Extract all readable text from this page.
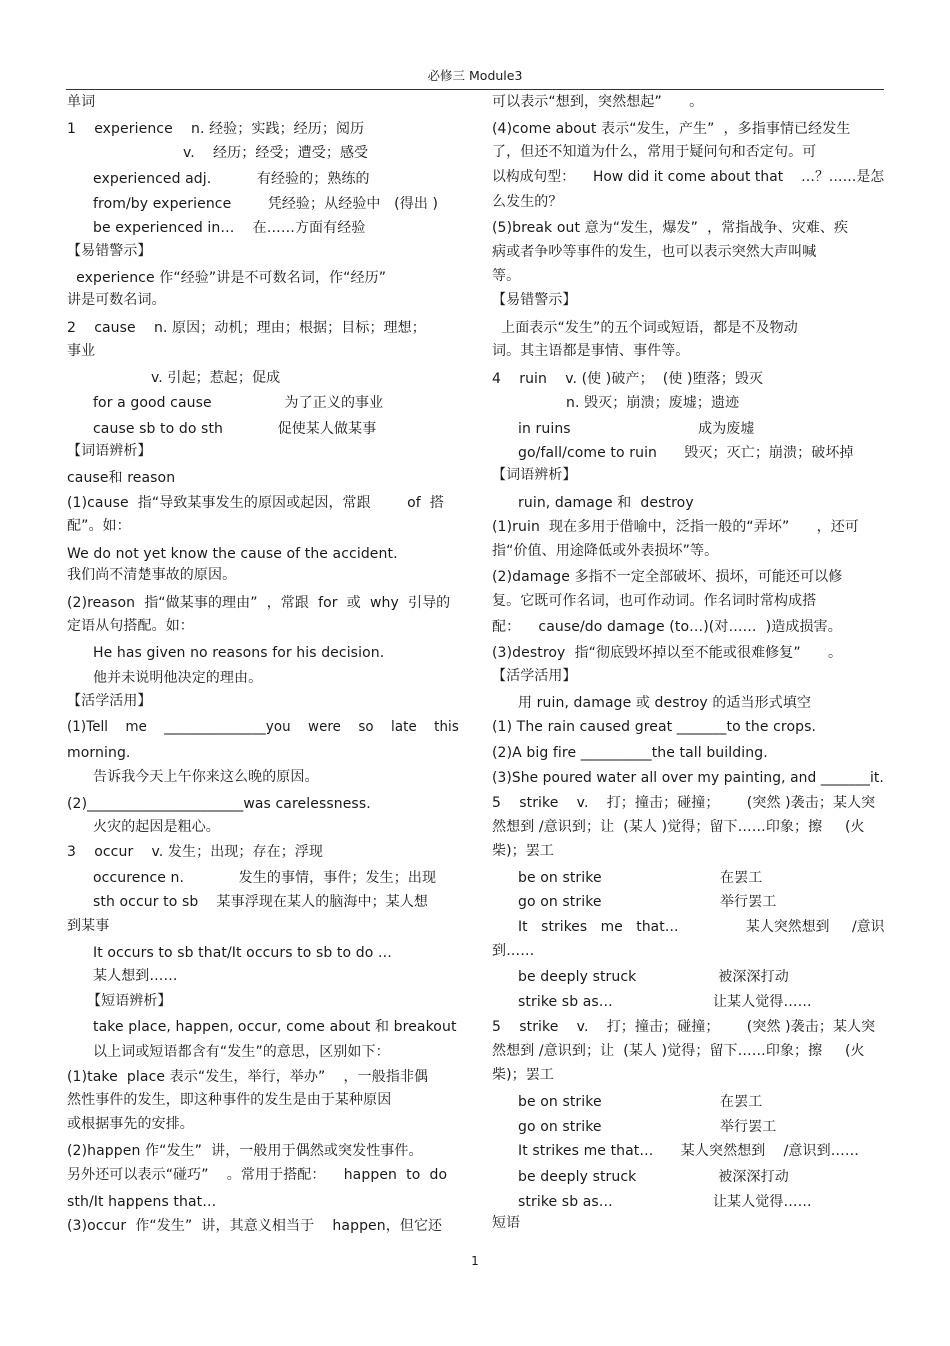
必修三 Module3
单词
1    experience    n. 经验；实践；经历；阅历
v.    经历；经受；遭受；感受
experienced adj.          有经验的；熟练的
from/by experience        凭经验；从经验中   (得出 )
be experienced in…    在……方面有经验
【易错警示】
experience 作“经验”讲是不可数名词，作“经历”
讲是可数名词。
2    cause    n. 原因；动机；理由；根据；目标；理想；
事业
v. 引起；惹起；促成
for a good cause                为了正义的事业
cause sb to do sth            促使某人做某事
【词语辨析】
cause和 reason
(1)cause  指“导致某事发生的原因或起因，常跟        of  搭
配”。如：
We do not yet know the cause of the accident.
我们尚不清楚事故的原因。
(2)reason  指“做某事的理由”  ，常跟  for  或  why  引导的
定语从句搭配。如：
He has given no reasons for his decision.
他并未说明他决定的理由。
【活学活用】
(1)Tell    me    _______________you    were    so    late    this
morning.
告诉我今天上午你来这么晚的原因。
(2)______________________was carelessness.
火灾的起因是粗心。
3    occur    v. 发生；出现；存在；浮现
occurence n.            发生的事情，事件；发生；出现
sth occur to sb    某事浮现在某人的脑海中；某人想
到某事
It occurs to sb that/It occurs to sb to do …
某人想到……
【短语辨析】
take place, happen, occur, come about 和 breakout
以上词或短语都含有“发生”的意思，区别如下：
(1)take  place 表示“发生，举行，举办”    ，一般指非偶
然性事件的发生，即这种事件的发生是由于某种原因
或根据事先的安排。
(2)happen 作“发生”  讲，一般用于偶然或突发性事件。
另外还可以表示“碰巧”    。常用于搭配：    happen  to  do
sth/It happens that…
(3)occur  作“发生”  讲，其意义相当于    happen，但它还
可以表示“想到，突然想起”      。
(4)come about 表示“发生，产生”  ，多指事情已经发生
了，但还不知道为什么，常用于疑问句和否定句。可
以构成句型：    How did it come about that    …？……是怎
么发生的？
(5)break out 意为“发生，爆发”  ，常指战争、灾难、疾
病或者争吵等事件的发生，也可以表示突然大声叫喊
等。
【易错警示】
上面表示“发生”的五个词或短语，都是不及物动
词。其主语都是事情、事件等。
4    ruin    v. (使 )破产；  (使 )堕落；毁灭
n. 毁灭；崩溃；废墟；遗迹
in ruins                            成为废墟
go/fall/come to ruin      毁灭；灭亡；崩溃；破坏掉
【词语辨析】
ruin, damage 和  destroy
(1)ruin  现在多用于借喻中，泛指一般的“弄坏”      ，还可
指“价值、用途降低或外表损坏”等。
(2)damage 多指不一定全部破坏、损坏，可能还可以修
复。它既可作名词，也可作动词。作名词时常构成搭
配：    cause/do damage (to…)(对……  )造成损害。
(3)destroy  指“彻底毁坏掉以至不能或很难修复”      。
【活学活用】
用 ruin, damage 或 destroy 的适当形式填空
(1) The rain caused great _______to the crops.
(2)A big fire __________the tall building.
(3)She poured water all over my painting, and _______it.
5    strike    v.    打；撞击；碰撞；      (突然 )袭击；某人突
然想到 /意识到；让  (某人 )觉得；留下……印象；擦     (火
柴)；罢工
be on strike                          在罢工
go on strike                          举行罢工
It   strikes   me   that…               某人突然想到     /意识
到……
be deeply struck                  被深深打动
strike sb as…                      让某人觉得……
5    strike    v.    打；撞击；碰撞；      (突然 )袭击；某人突
然想到 /意识到；让  (某人 )觉得；留下……印象；擦     (火
柴)；罢工
be on strike                          在罢工
go on strike                          举行罢工
It strikes me that…      某人突然想到    /意识到……
be deeply struck                  被深深打动
strike sb as…                      让某人觉得……
短语
1
